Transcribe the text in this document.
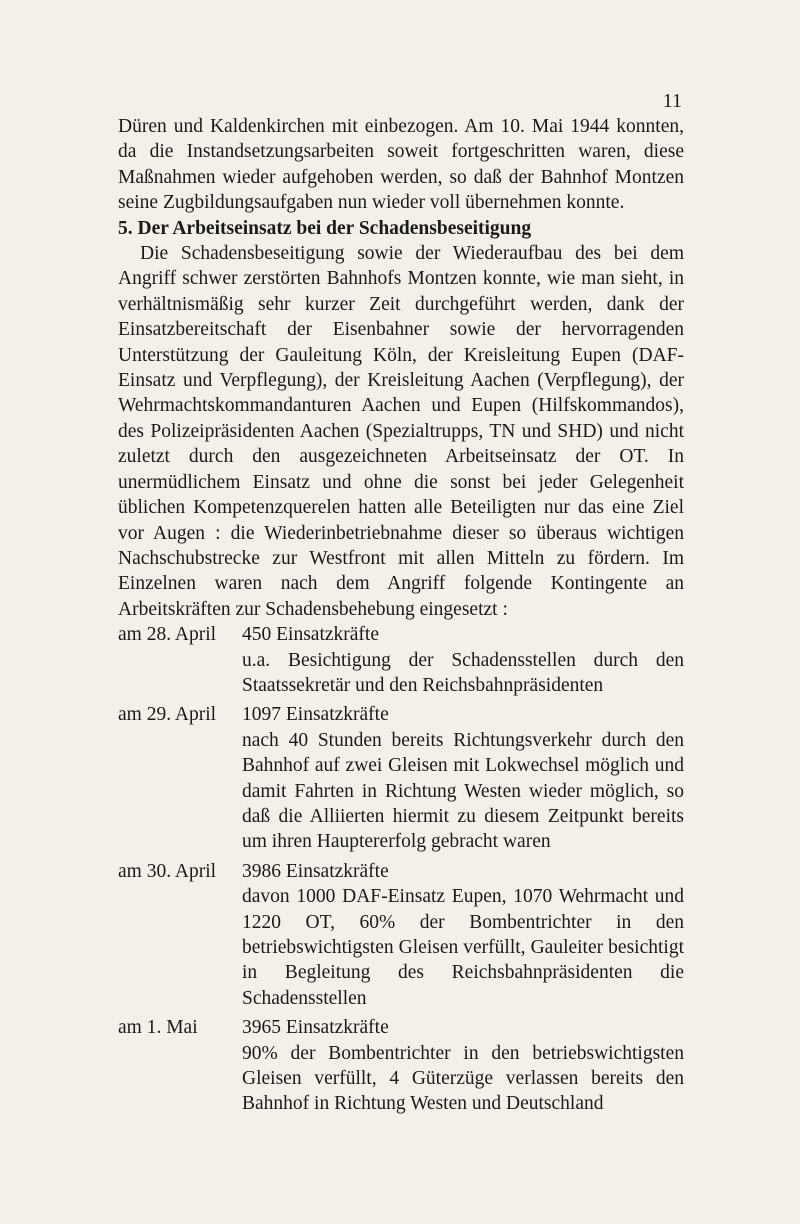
11

Düren und Kaldenkirchen mit einbezogen. Am 10. Mai 1944 konnten, da die Instandsetzungsarbeiten soweit fortgeschritten waren, diese Maßnahmen wieder aufgehoben werden, so daß der Bahnhof Montzen seine Zugbildungsaufgaben nun wieder voll übernehmen konnte.

5. Der Arbeitseinsatz bei der Schadensbeseitigung

Die Schadensbeseitigung sowie der Wiederaufbau des bei dem Angriff schwer zerstörten Bahnhofs Montzen konnte, wie man sieht, in verhältnismäßig sehr kurzer Zeit durchgeführt werden, dank der Einsatzbereitschaft der Eisenbahner sowie der hervorragenden Unterstützung der Gauleitung Köln, der Kreisleitung Eupen (DAF-Einsatz und Verpflegung), der Kreisleitung Aachen (Verpflegung), der Wehrmachtskommandanturen Aachen und Eupen (Hilfskommandos), des Polizeipräsidenten Aachen (Spezialtrupps, TN und SHD) und nicht zuletzt durch den ausgezeichneten Arbeitseinsatz der OT. In unermüdlichem Einsatz und ohne die sonst bei jeder Gelegenheit üblichen Kompetenzquerelen hatten alle Beteiligten nur das eine Ziel vor Augen : die Wiederinbetriebnahme dieser so überaus wichtigen Nachschubstrecke zur Westfront mit allen Mitteln zu fördern. Im Einzelnen waren nach dem Angriff folgende Kontingente an Arbeitskräften zur Schadensbehebung eingesetzt :

am 28. April	450 Einsatzkräfte
u.a. Besichtigung der Schadensstellen durch den Staatssekretär und den Reichsbahnpräsidenten
am 29. April	1097 Einsatzkräfte
nach 40 Stunden bereits Richtungsverkehr durch den Bahnhof auf zwei Gleisen mit Lokwechsel möglich und damit Fahrten in Richtung Westen wieder möglich, so daß die Alliierten hiermit zu diesem Zeitpunkt bereits um ihren Hauptererfolg gebracht waren
am 30. April	3986 Einsatzkräfte
davon 1000 DAF-Einsatz Eupen, 1070 Wehrmacht und 1220 OT, 60% der Bombentrichter in den betriebswichtigsten Gleisen verfüllt, Gauleiter besichtigt in Begleitung des Reichsbahnpräsidenten die Schadensstellen
am 1. Mai	3965 Einsatzkräfte
90% der Bombentrichter in den betriebswichtigsten Gleisen verfüllt, 4 Güterzüge verlassen bereits den Bahnhof in Richtung Westen und Deutschland
